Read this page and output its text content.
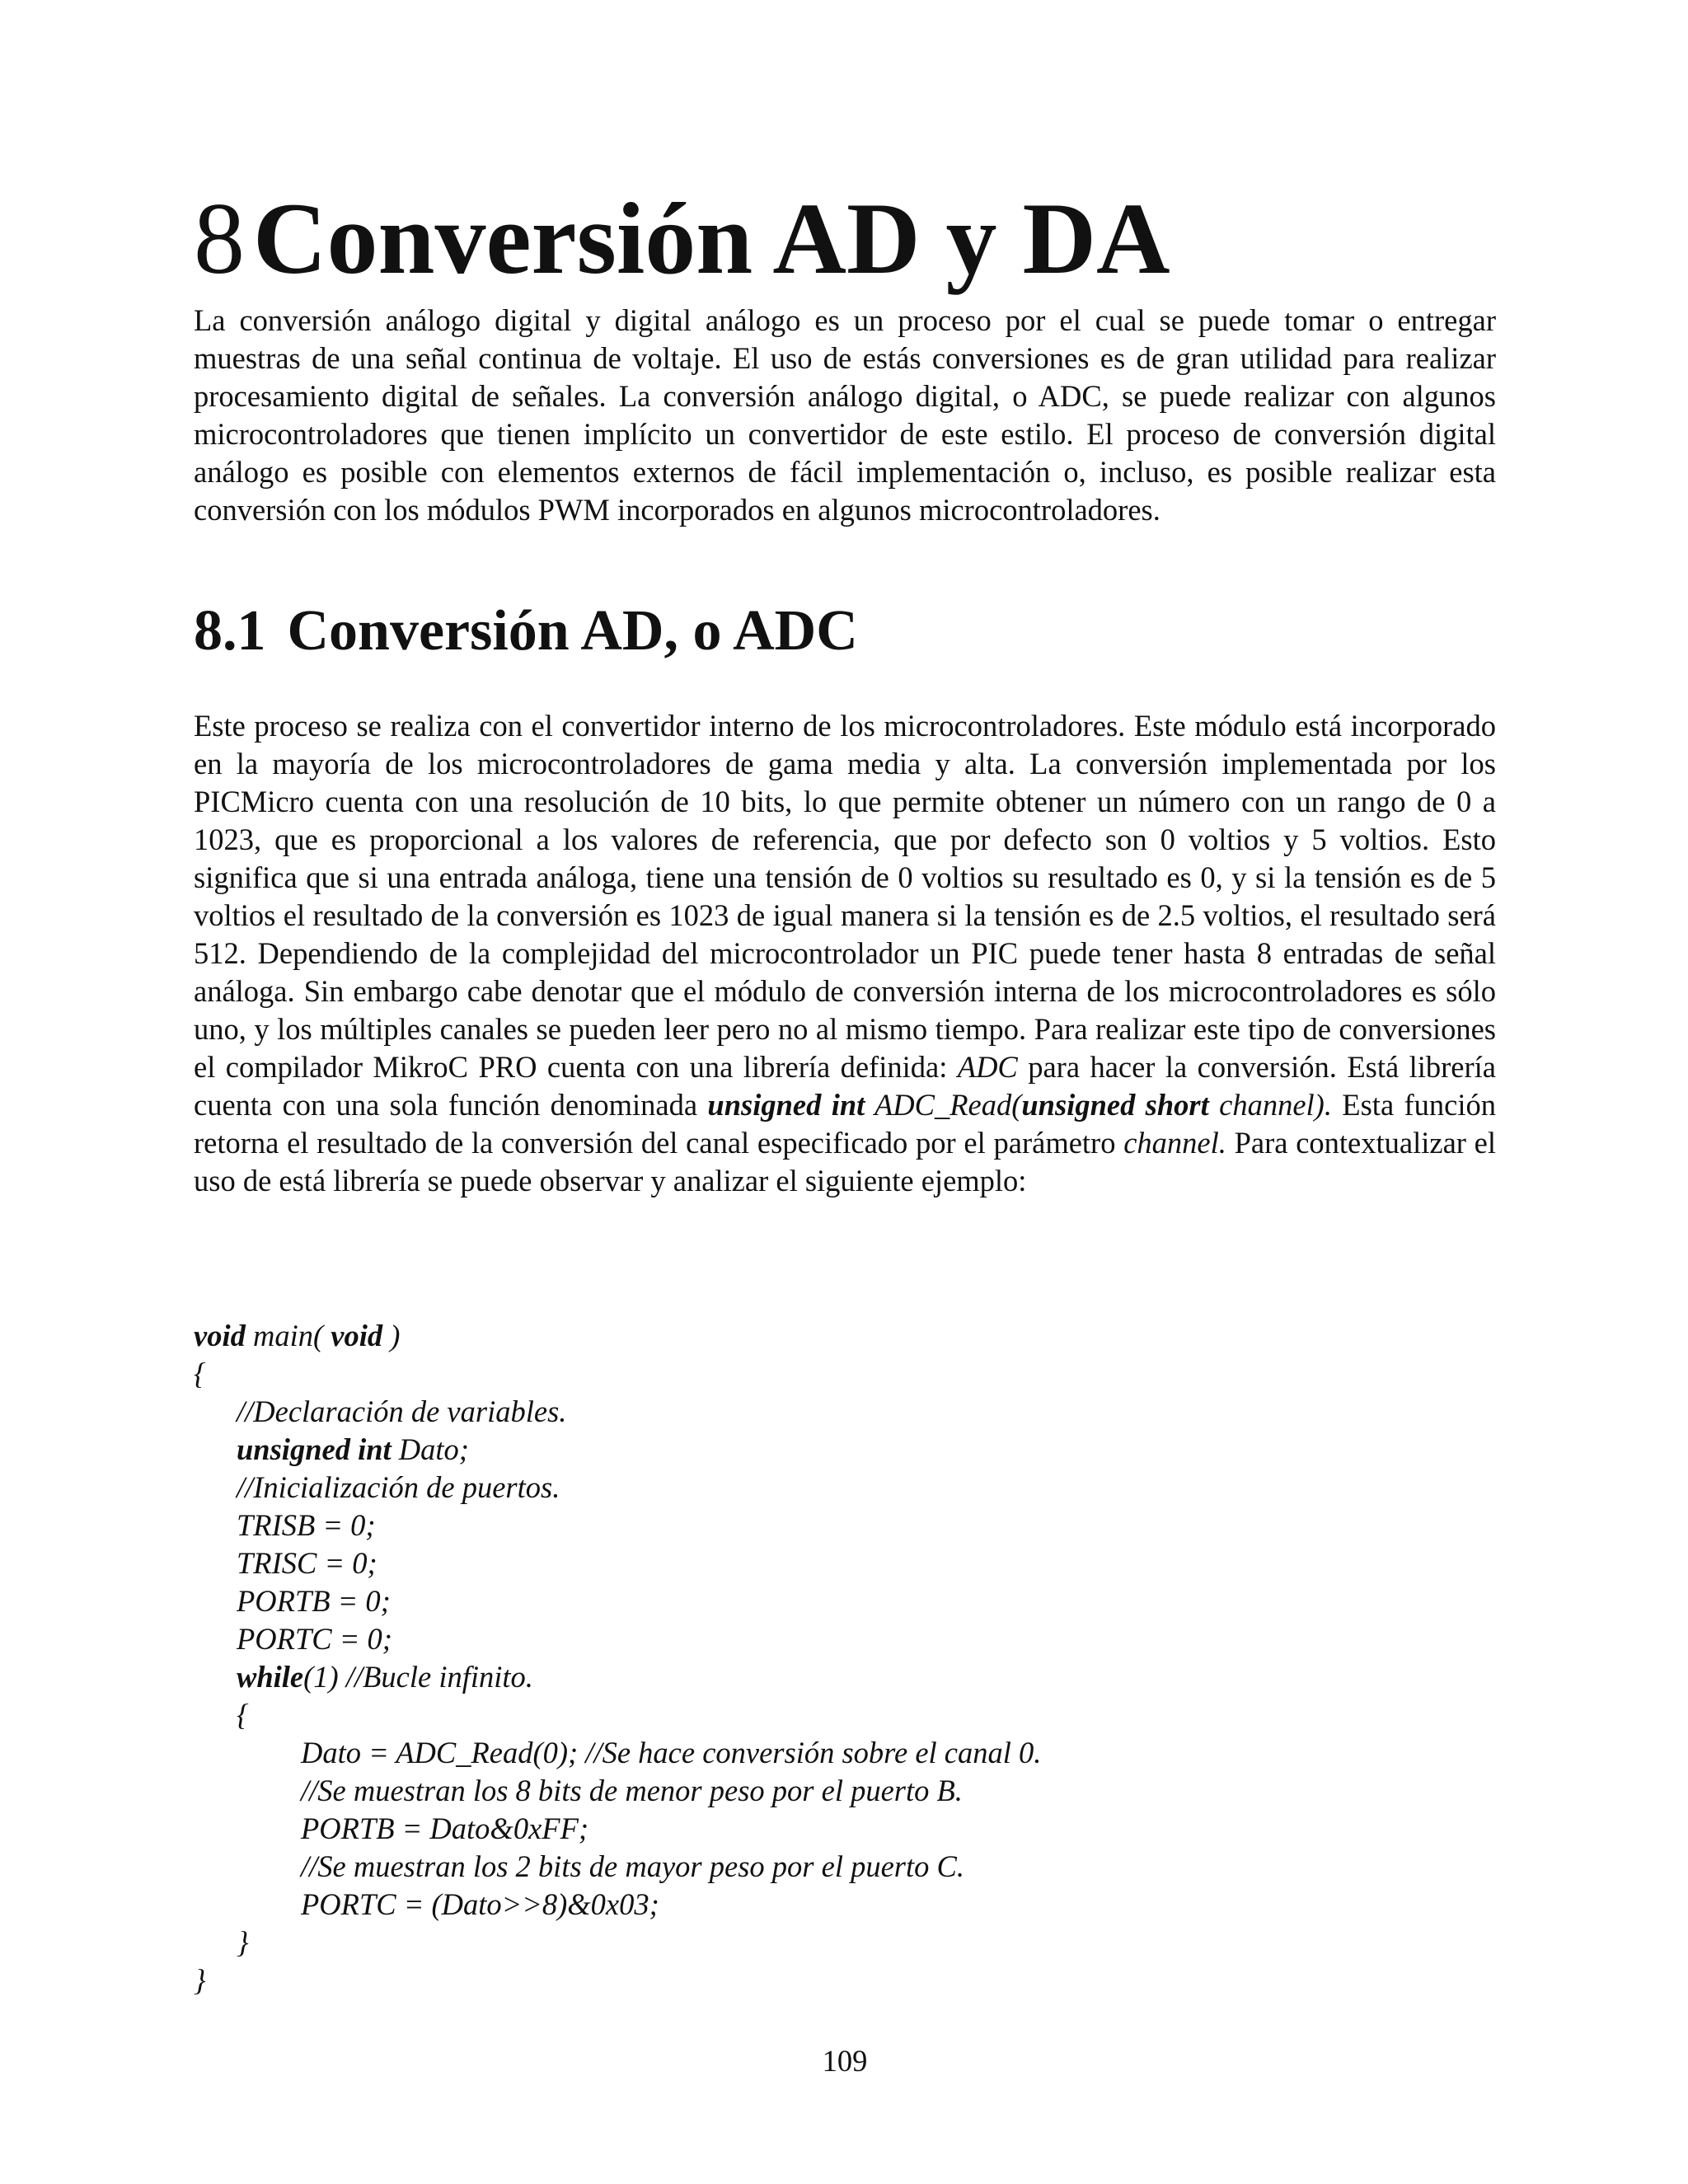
8Conversión AD y DA

La conversión análogo digital y digital análogo es un proceso por el cual se puede tomar o entregar muestras de una señal continua de voltaje. El uso de estás conversiones es de gran utilidad para realizar procesamiento digital de señales. La conversión análogo digital, o ADC, se puede realizar con algunos microcontroladores que tienen implícito un convertidor de este estilo. El proceso de conversión digital análogo es posible con elementos externos de fácil implementación o, incluso, es posible realizar esta conversión con los módulos PWM incorporados en algunos microcontroladores.

8.1 Conversión AD, o ADC

Este proceso se realiza con el convertidor interno de los microcontroladores. Este módulo está incorporado en la mayoría de los microcontroladores de gama media y alta. La conversión implementada por los PICMicro cuenta con una resolución de 10 bits, lo que permite obtener un número con un rango de 0 a 1023, que es proporcional a los valores de referencia, que por defecto son 0 voltios y 5 voltios. Esto significa que si una entrada análoga, tiene una tensión de 0 voltios su resultado es 0, y si la tensión es de 5 voltios el resultado de la conversión es 1023 de igual manera si la tensión es de 2.5 voltios, el resultado será 512. Dependiendo de la complejidad del microcontrolador un PIC puede tener hasta 8 entradas de señal análoga. Sin embargo cabe denotar que el módulo de conversión interna de los microcontroladores es sólo uno, y los múltiples canales se pueden leer pero no al mismo tiempo. Para realizar este tipo de conversiones el compilador MikroC PRO cuenta con una librería definida: ADC para hacer la conversión. Está librería cuenta con una sola función denominada unsigned int ADC_Read(unsigned short channel). Esta función retorna el resultado de la conversión del canal especificado por el parámetro channel. Para contextualizar el uso de está librería se puede observar y analizar el siguiente ejemplo:

void main( void )
{
//Declaración de variables.
unsigned int Dato;
//Inicialización de puertos.
TRISB = 0;
TRISC = 0;
PORTB = 0;
PORTC = 0;
while(1) //Bucle infinito.
{
Dato = ADC_Read(0); //Se hace conversión sobre el canal 0.
//Se muestran los 8 bits de menor peso por el puerto B.
PORTB = Dato&0xFF;
//Se muestran los 2 bits de mayor peso por el puerto C.
PORTC = (Dato>>8)&0x03;
}
}
109
